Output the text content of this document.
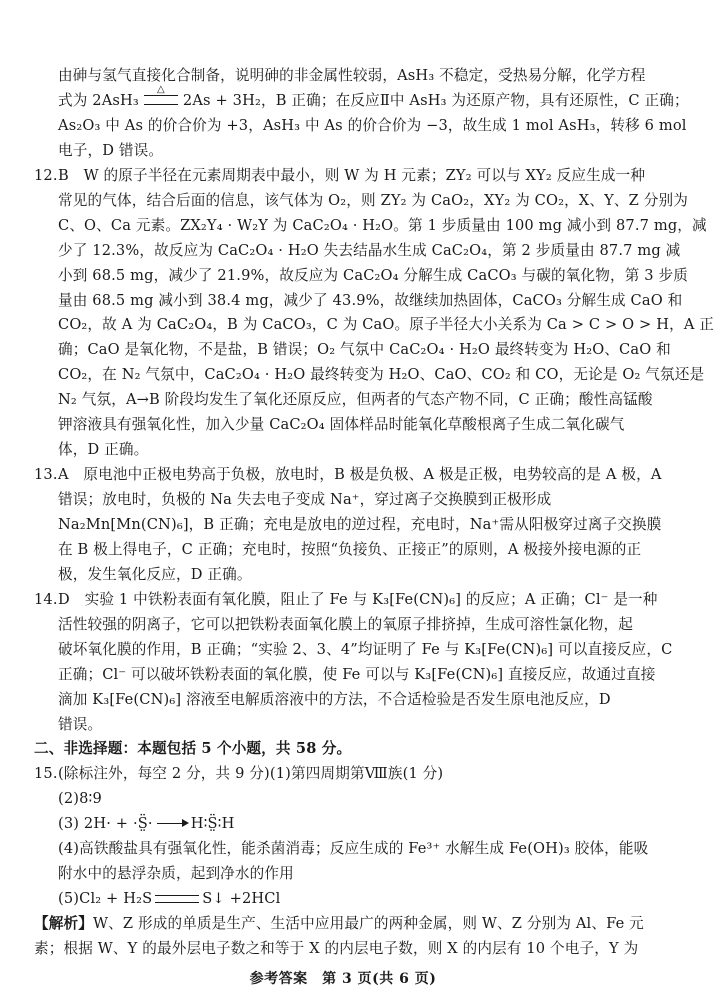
由砷与氢气直接化合制备，说明砷的非金属性较弱，AsH₃ 不稳定，受热易分解，化学方程
式为 2AsH₃
△
2As + 3H₂，B 正确；在反应Ⅱ中 AsH₃ 为还原产物，具有还原性，C 正确；
As₂O₃ 中 As 的价合价为 +3，AsH₃ 中 As 的价合价为 −3，故生成 1 mol AsH₃，转移 6 mol
电子，D 错误。
12.B　W 的原子半径在元素周期表中最小，则 W 为 H 元素；ZY₂ 可以与 XY₂ 反应生成一种
常见的气体，结合后面的信息，该气体为 O₂，则 ZY₂ 为 CaO₂，XY₂ 为 CO₂，X、Y、Z 分别为
C、O、Ca 元素。ZX₂Y₄ · W₂Y 为 CaC₂O₄ · H₂O。第 1 步质量由 100 mg 减小到 87.7 mg，减
少了 12.3%，故反应为 CaC₂O₄ · H₂O 失去结晶水生成 CaC₂O₄，第 2 步质量由 87.7 mg 减
小到 68.5 mg，减少了 21.9%，故反应为 CaC₂O₄ 分解生成 CaCO₃ 与碳的氧化物，第 3 步质
量由 68.5 mg 减小到 38.4 mg，减少了 43.9%，故继续加热固体，CaCO₃ 分解生成 CaO 和
CO₂，故 A 为 CaC₂O₄，B 为 CaCO₃，C 为 CaO。原子半径大小关系为 Ca > C > O > H，A 正
确；CaO 是氧化物，不是盐，B 错误；O₂ 气氛中 CaC₂O₄ · H₂O 最终转变为 H₂O、CaO 和
CO₂，在 N₂ 气氛中，CaC₂O₄ · H₂O 最终转变为 H₂O、CaO、CO₂ 和 CO，无论是 O₂ 气氛还是
N₂ 气氛，A→B 阶段均发生了氧化还原反应，但两者的气态产物不同，C 正确；酸性高锰酸
钾溶液具有强氧化性，加入少量 CaC₂O₄ 固体样品时能氧化草酸根离子生成二氧化碳气
体，D 正确。
13.A　原电池中正极电势高于负极，放电时，B 极是负极、A 极是正极，电势较高的是 A 极，A
错误；放电时，负极的 Na 失去电子变成 Na⁺，穿过离子交换膜到正极形成
Na₂Mn[Mn(CN)₆]，B 正确；充电是放电的逆过程，充电时，Na⁺需从阳极穿过离子交换膜
在 B 极上得电子，C 正确；充电时，按照“负接负、正接正”的原则，A 极接外接电源的正
极，发生氧化反应，D 正确。
14.D　实验 1 中铁粉表面有氧化膜，阻止了 Fe 与 K₃[Fe(CN)₆] 的反应；A 正确；Cl⁻ 是一种
活性较强的阴离子，它可以把铁粉表面氧化膜上的氧原子排挤掉，生成可溶性氯化物，起
破坏氧化膜的作用，B 正确；“实验 2、3、4”均证明了 Fe 与 K₃[Fe(CN)₆] 可以直接反应，C
正确；Cl⁻ 可以破坏铁粉表面的氧化膜，使 Fe 可以与 K₃[Fe(CN)₆] 直接反应，故通过直接
滴加 K₃[Fe(CN)₆] 溶液至电解质溶液中的方法，不合适检验是否发生原电池反应，D
错误。
二、非选择题：本题包括 5 个小题，共 58 分。
15.(除标注外，每空 2 分，共 9 分)(1)第四周期第Ⅷ族(1 分)
(2)8∶9
(3) 2H· + ·S̤̈· → H∶S̤̈∶H
(4)高铁酸盐具有强氧化性，能杀菌消毒；反应生成的 Fe³⁺ 水解生成 Fe(OH)₃ 胶体，能吸
附水中的悬浮杂质，起到净水的作用
(5)Cl₂ + H₂S	S↓ +2HCl
【解析】W、Z 形成的单质是生产、生活中应用最广的两种金属，则 W、Z 分别为 Al、Fe 元
素；根据 W、Y 的最外层电子数之和等于 X 的内层电子数，则 X 的内层有 10 个电子，Y 为
参考答案　第 3 页(共 6 页)
